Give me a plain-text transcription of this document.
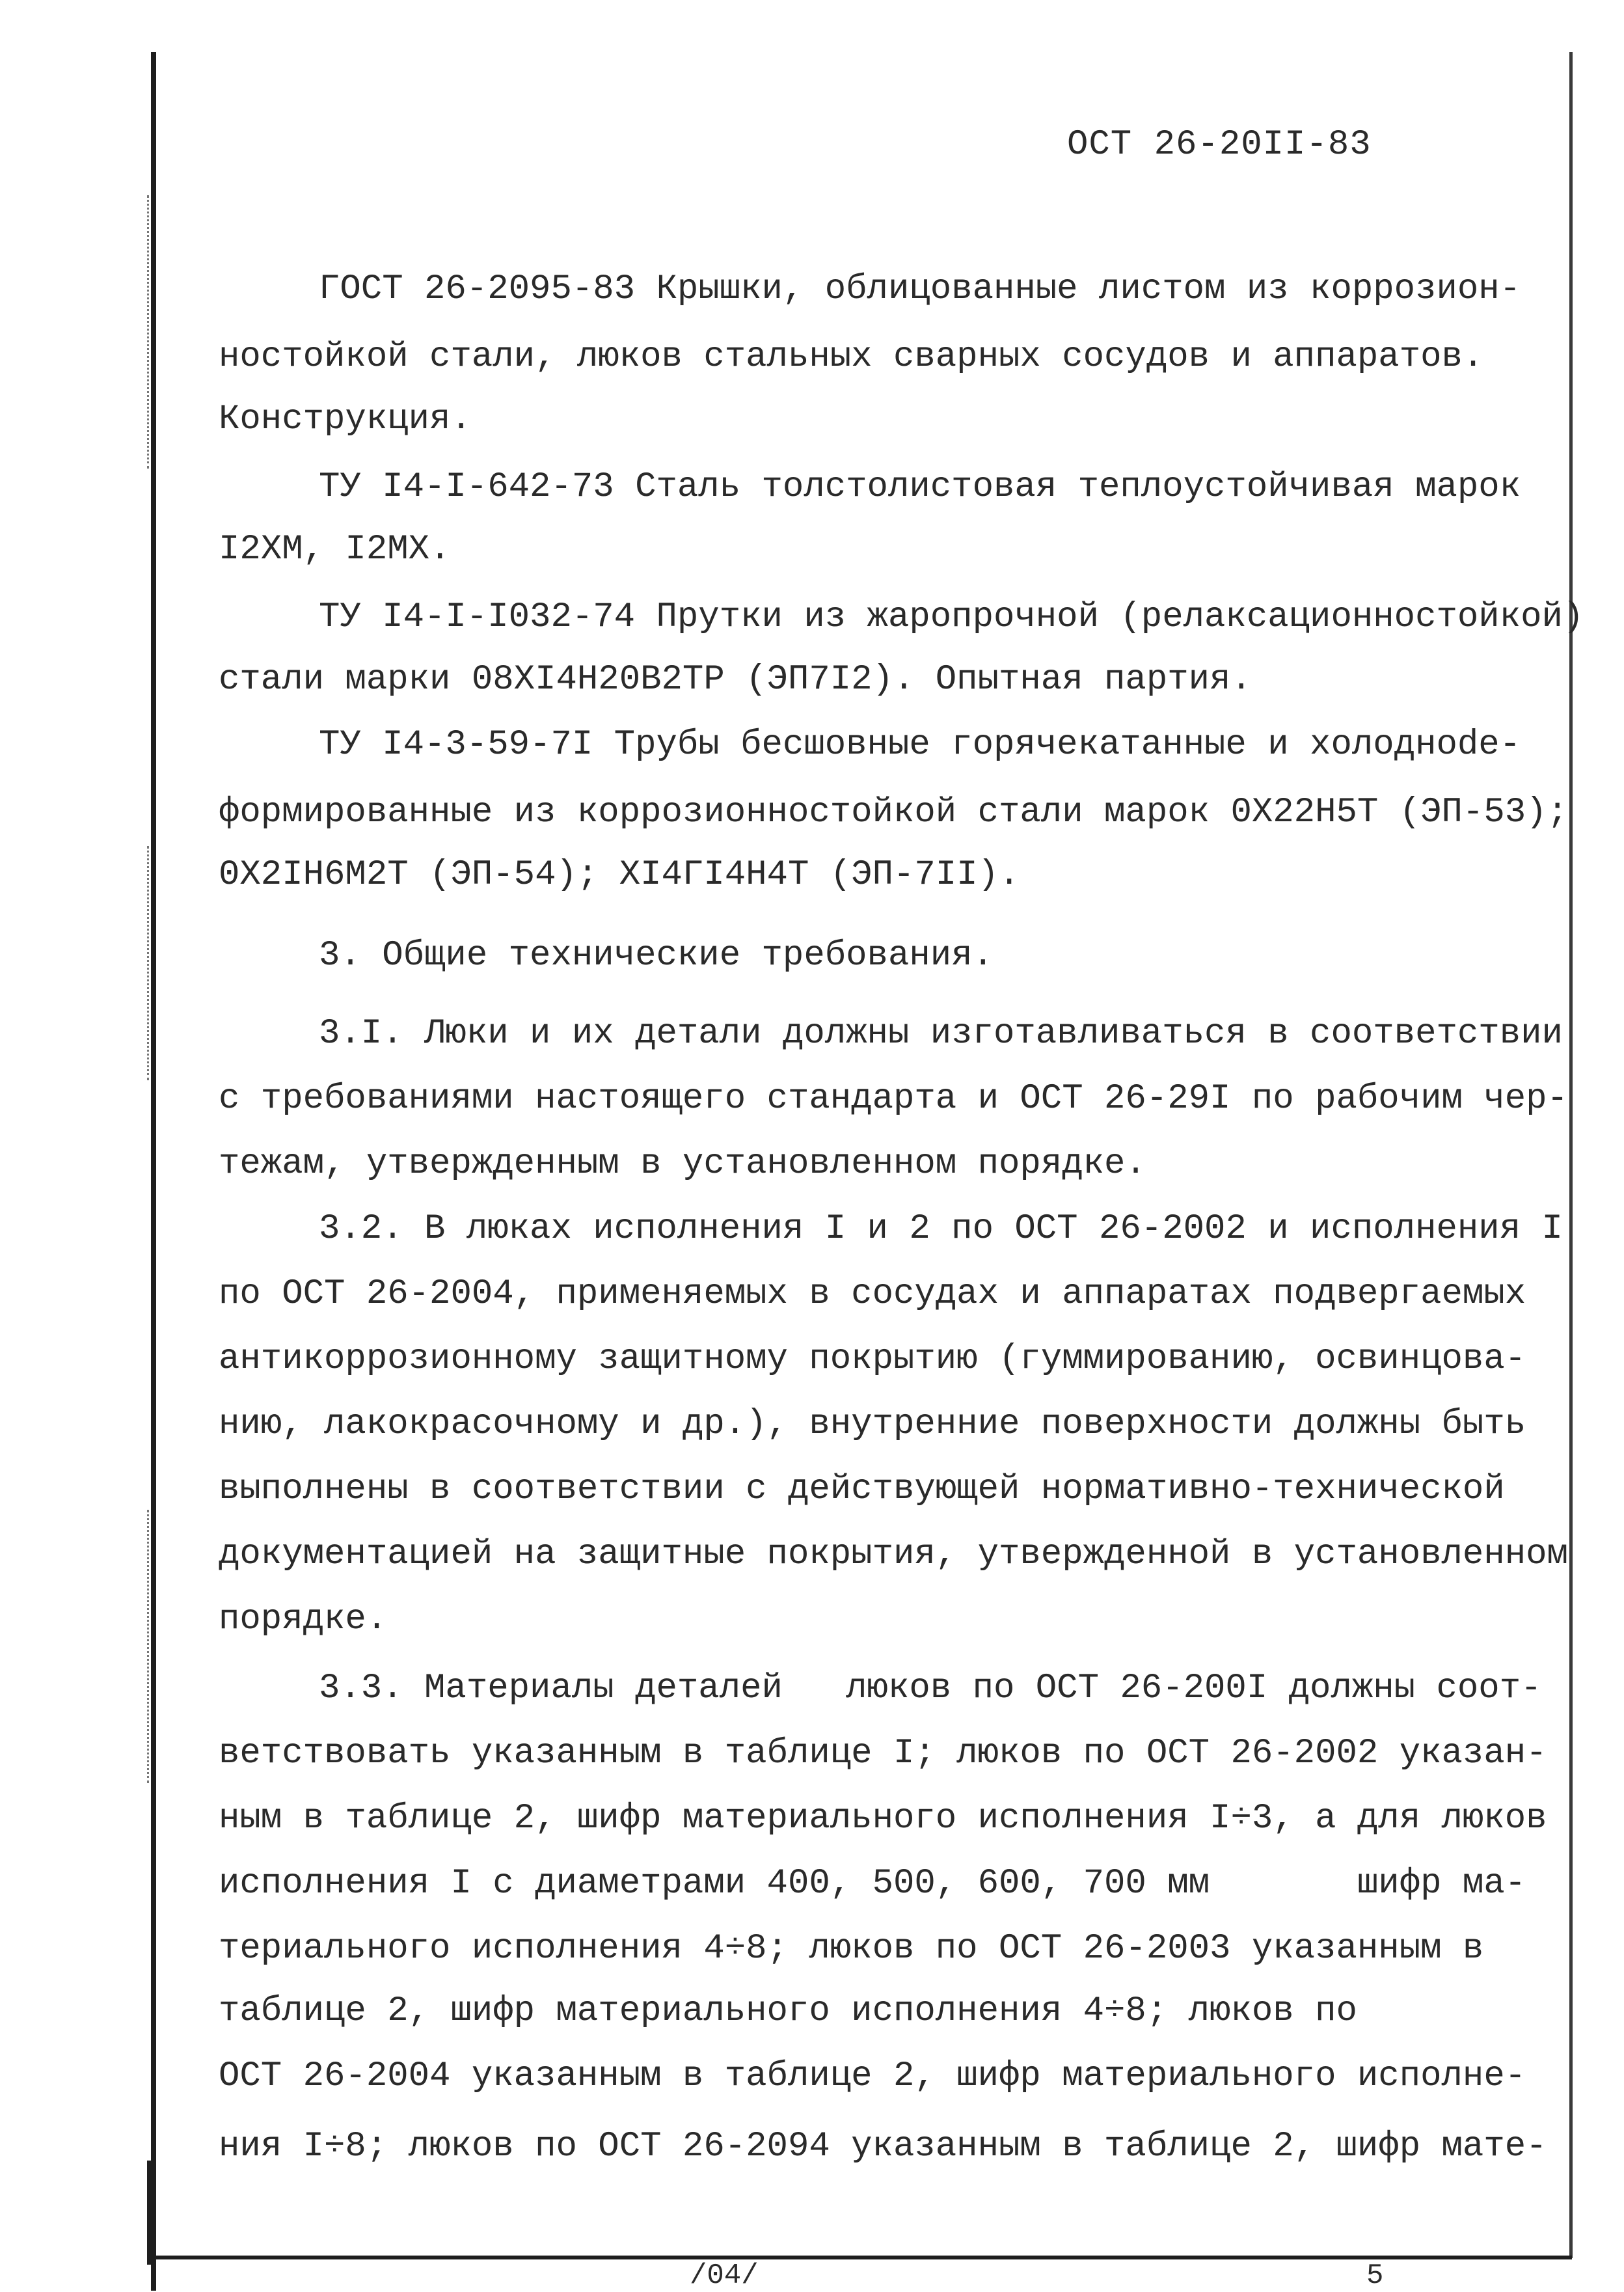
ОСТ 26-20II-83
ГОСТ 26-2095-83 Крышки, облицованные листом из коррозион-
ностойкой стали, люков стальных сварных сосудов и аппаратов.
Конструкция.
ТУ I4-I-642-73 Сталь толстолистовая теплоустойчивая марок
I2ХМ, I2МХ.
ТУ I4-I-I032-74 Прутки из жаропрочной (релаксационностойкой)
стали марки 08ХI4Н20В2ТР (ЭП7I2). Опытная партия.
ТУ I4-3-59-7I Трубы бесшовные горячекатанные и холоднode-
формированные из коррозионностойкой стали марок 0Х22Н5Т (ЭП-53);
0Х2IН6М2Т (ЭП-54); ХI4ГI4Н4Т (ЭП-7II).
3. Общие технические требования.
3.I. Люки и их детали должны изготавливаться в соответствии
с требованиями настоящего стандарта и ОСТ 26-29I по рабочим чер-
тежам, утвержденным в установленном порядке.
3.2. В люках исполнения I и 2 по ОСТ 26-2002 и исполнения I
по ОСТ 26-2004, применяемых в сосудах и аппаратах подвергаемых
антикоррозионному защитному покрытию (гуммированию, освинцова-
нию, лакокрасочному и др.), внутренние поверхности должны быть
выполнены в соответствии с действующей нормативно-технической
документацией на защитные покрытия, утвержденной в установленном
порядке.
3.3. Материалы деталей   люков по ОСТ 26-200I должны соот-
ветствовать указанным в таблице I; люков по ОСТ 26-2002 указан-
ным в таблице 2, шифр материального исполнения I÷3, а для люков
исполнения I с диаметрами 400, 500, 600, 700 мм       шифр ма-
териального исполнения 4÷8; люков по ОСТ 26-2003 указанным в
таблице 2, шифр материального исполнения 4÷8; люков по
ОСТ 26-2004 указанным в таблице 2, шифр материального исполне-
ния I÷8; люков по ОСТ 26-2094 указанным в таблице 2, шифр мате-
/04/	5
